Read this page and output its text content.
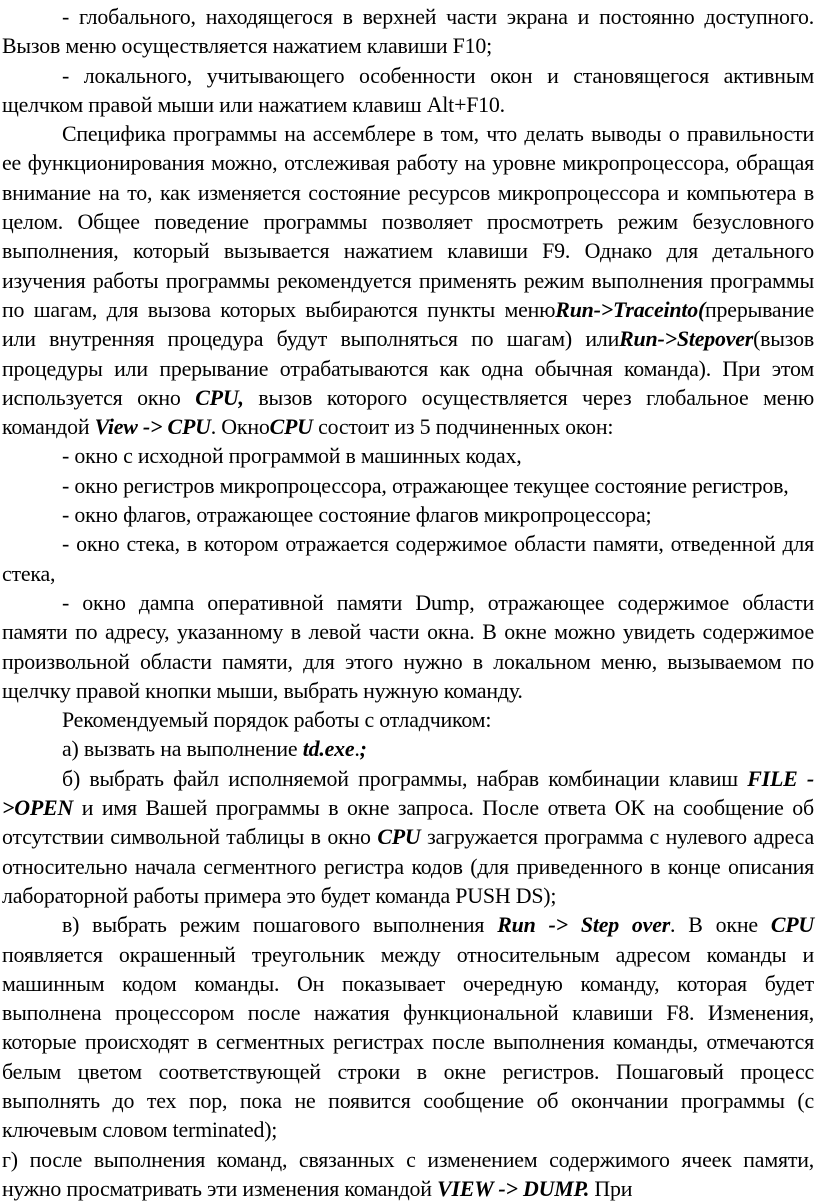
- глобального, находящегося в верхней части экрана и постоянно доступного. Вызов меню осуществляется нажатием клавиши F10;

- локального, учитывающего особенности окон и становящегося активным щелчком правой мыши или нажатием клавиш Alt+F10.

Специфика программы на ассемблере в том, что делать выводы о правильности ее функционирования можно, отслеживая работу на уровне микропроцессора, обращая внимание на то, как изменяется состояние ресурсов микропроцессора и компьютера в целом. Общее поведение программы позволяет просмотреть режим безусловного выполнения, который вызывается нажатием клавиши F9. Однако для детального изучения работы программы рекомендуется применять режим выполнения программы по шагам, для вызова которых выбираются пункты менюRun->Traceinto(прерывание или внутренняя процедура будут выполняться по шагам) илиRun->Stepover(вызов процедуры или прерывание отрабатываются как одна обычная команда). При этом используется окно CPU, вызов которого осуществляется через глобальное меню командой View -> CPU. ОкноCPU состоит из 5 подчиненных окон:

- окно с исходной программой в машинных кодах,

- окно регистров микропроцессора, отражающее текущее состояние регистров,

- окно флагов, отражающее состояние флагов микропроцессора;

- окно стека, в котором отражается содержимое области памяти, отведенной для стека,

- окно дампа оперативной памяти Dump, отражающее содержимое области памяти по адресу, указанному в левой части окна. В окне можно увидеть содержимое произвольной области памяти, для этого нужно в локальном меню, вызываемом по щелчку правой кнопки мыши, выбрать нужную команду.

Рекомендуемый порядок работы с отладчиком:

а) вызвать на выполнение td.exe.;

б) выбрать файл исполняемой программы, набрав комбинации клавиш FILE ->OPEN и имя Вашей программы в окне запроса. После ответа ОК на сообщение об отсутствии символьной таблицы в окно CPU загружается программа с нулевого адреса относительно начала сегментного регистра кодов (для приведенного в конце описания лабораторной работы примера это будет команда PUSH DS);

в) выбрать режим пошагового выполнения Run -> Step over. В окне CPU появляется окрашенный треугольник между относительным адресом команды и машинным кодом команды. Он показывает очередную команду, которая будет выполнена процессором после нажатия функциональной клавиши F8. Изменения, которые происходят в сегментных регистрах после выполнения команды, отмечаются белым цветом соответствующей строки в окне регистров. Пошаговый процесс выполнять до тех пор, пока не появится сообщение об окончании программы (с ключевым словом terminated);

г) после выполнения команд, связанных с изменением содержимого ячеек памяти, нужно просматривать эти изменения командой VIEW -> DUMP. При
